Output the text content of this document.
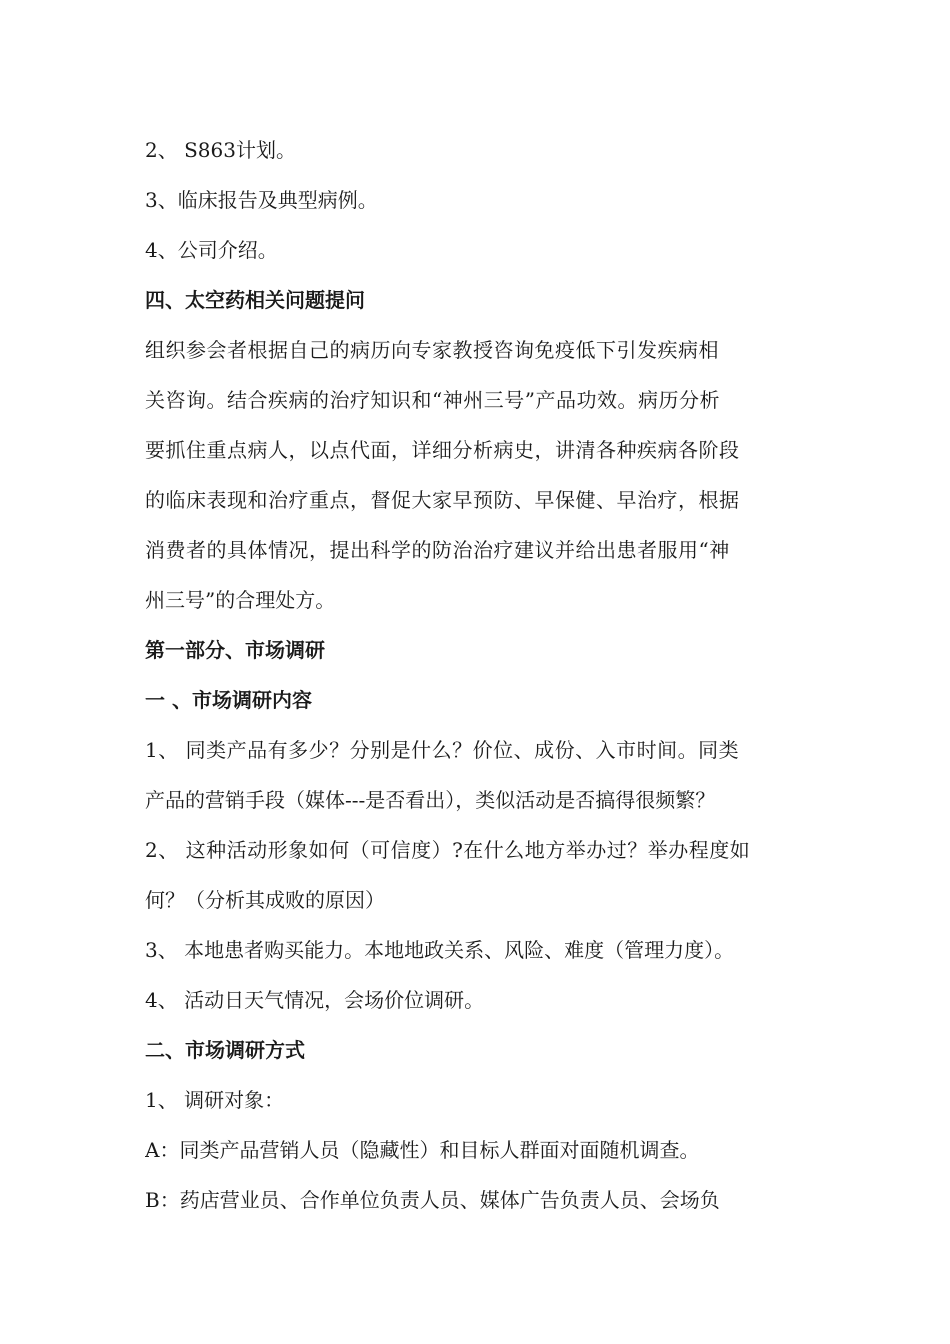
2、 S863计划。
3、临床报告及典型病例。
4、公司介绍。
四、太空药相关问题提问
组织参会者根据自己的病历向专家教授咨询免疫低下引发疾病相
关咨询。结合疾病的治疗知识和“神州三号”产品功效。病历分析
要抓住重点病人，以点代面，详细分析病史，讲清各种疾病各阶段
的临床表现和治疗重点，督促大家早预防、早保健、早治疗，根据
消费者的具体情况，提出科学的防治治疗建议并给出患者服用“神
州三号”的合理处方。
第一部分、市场调研
一 、市场调研内容
1、 同类产品有多少？分别是什么？价位、成份、入市时间。同类
产品的营销手段（媒体---是否看出），类似活动是否搞得很频繁？
2、 这种活动形象如何（可信度）?在什么地方举办过？举办程度如
何？（分析其成败的原因）
3、 本地患者购买能力。本地地政关系、风险、难度（管理力度）。
4、 活动日天气情况，会场价位调研。
二、市场调研方式
1、 调研对象：
A：同类产品营销人员（隐藏性）和目标人群面对面随机调查。
B：药店营业员、合作单位负责人员、媒体广告负责人员、会场负
